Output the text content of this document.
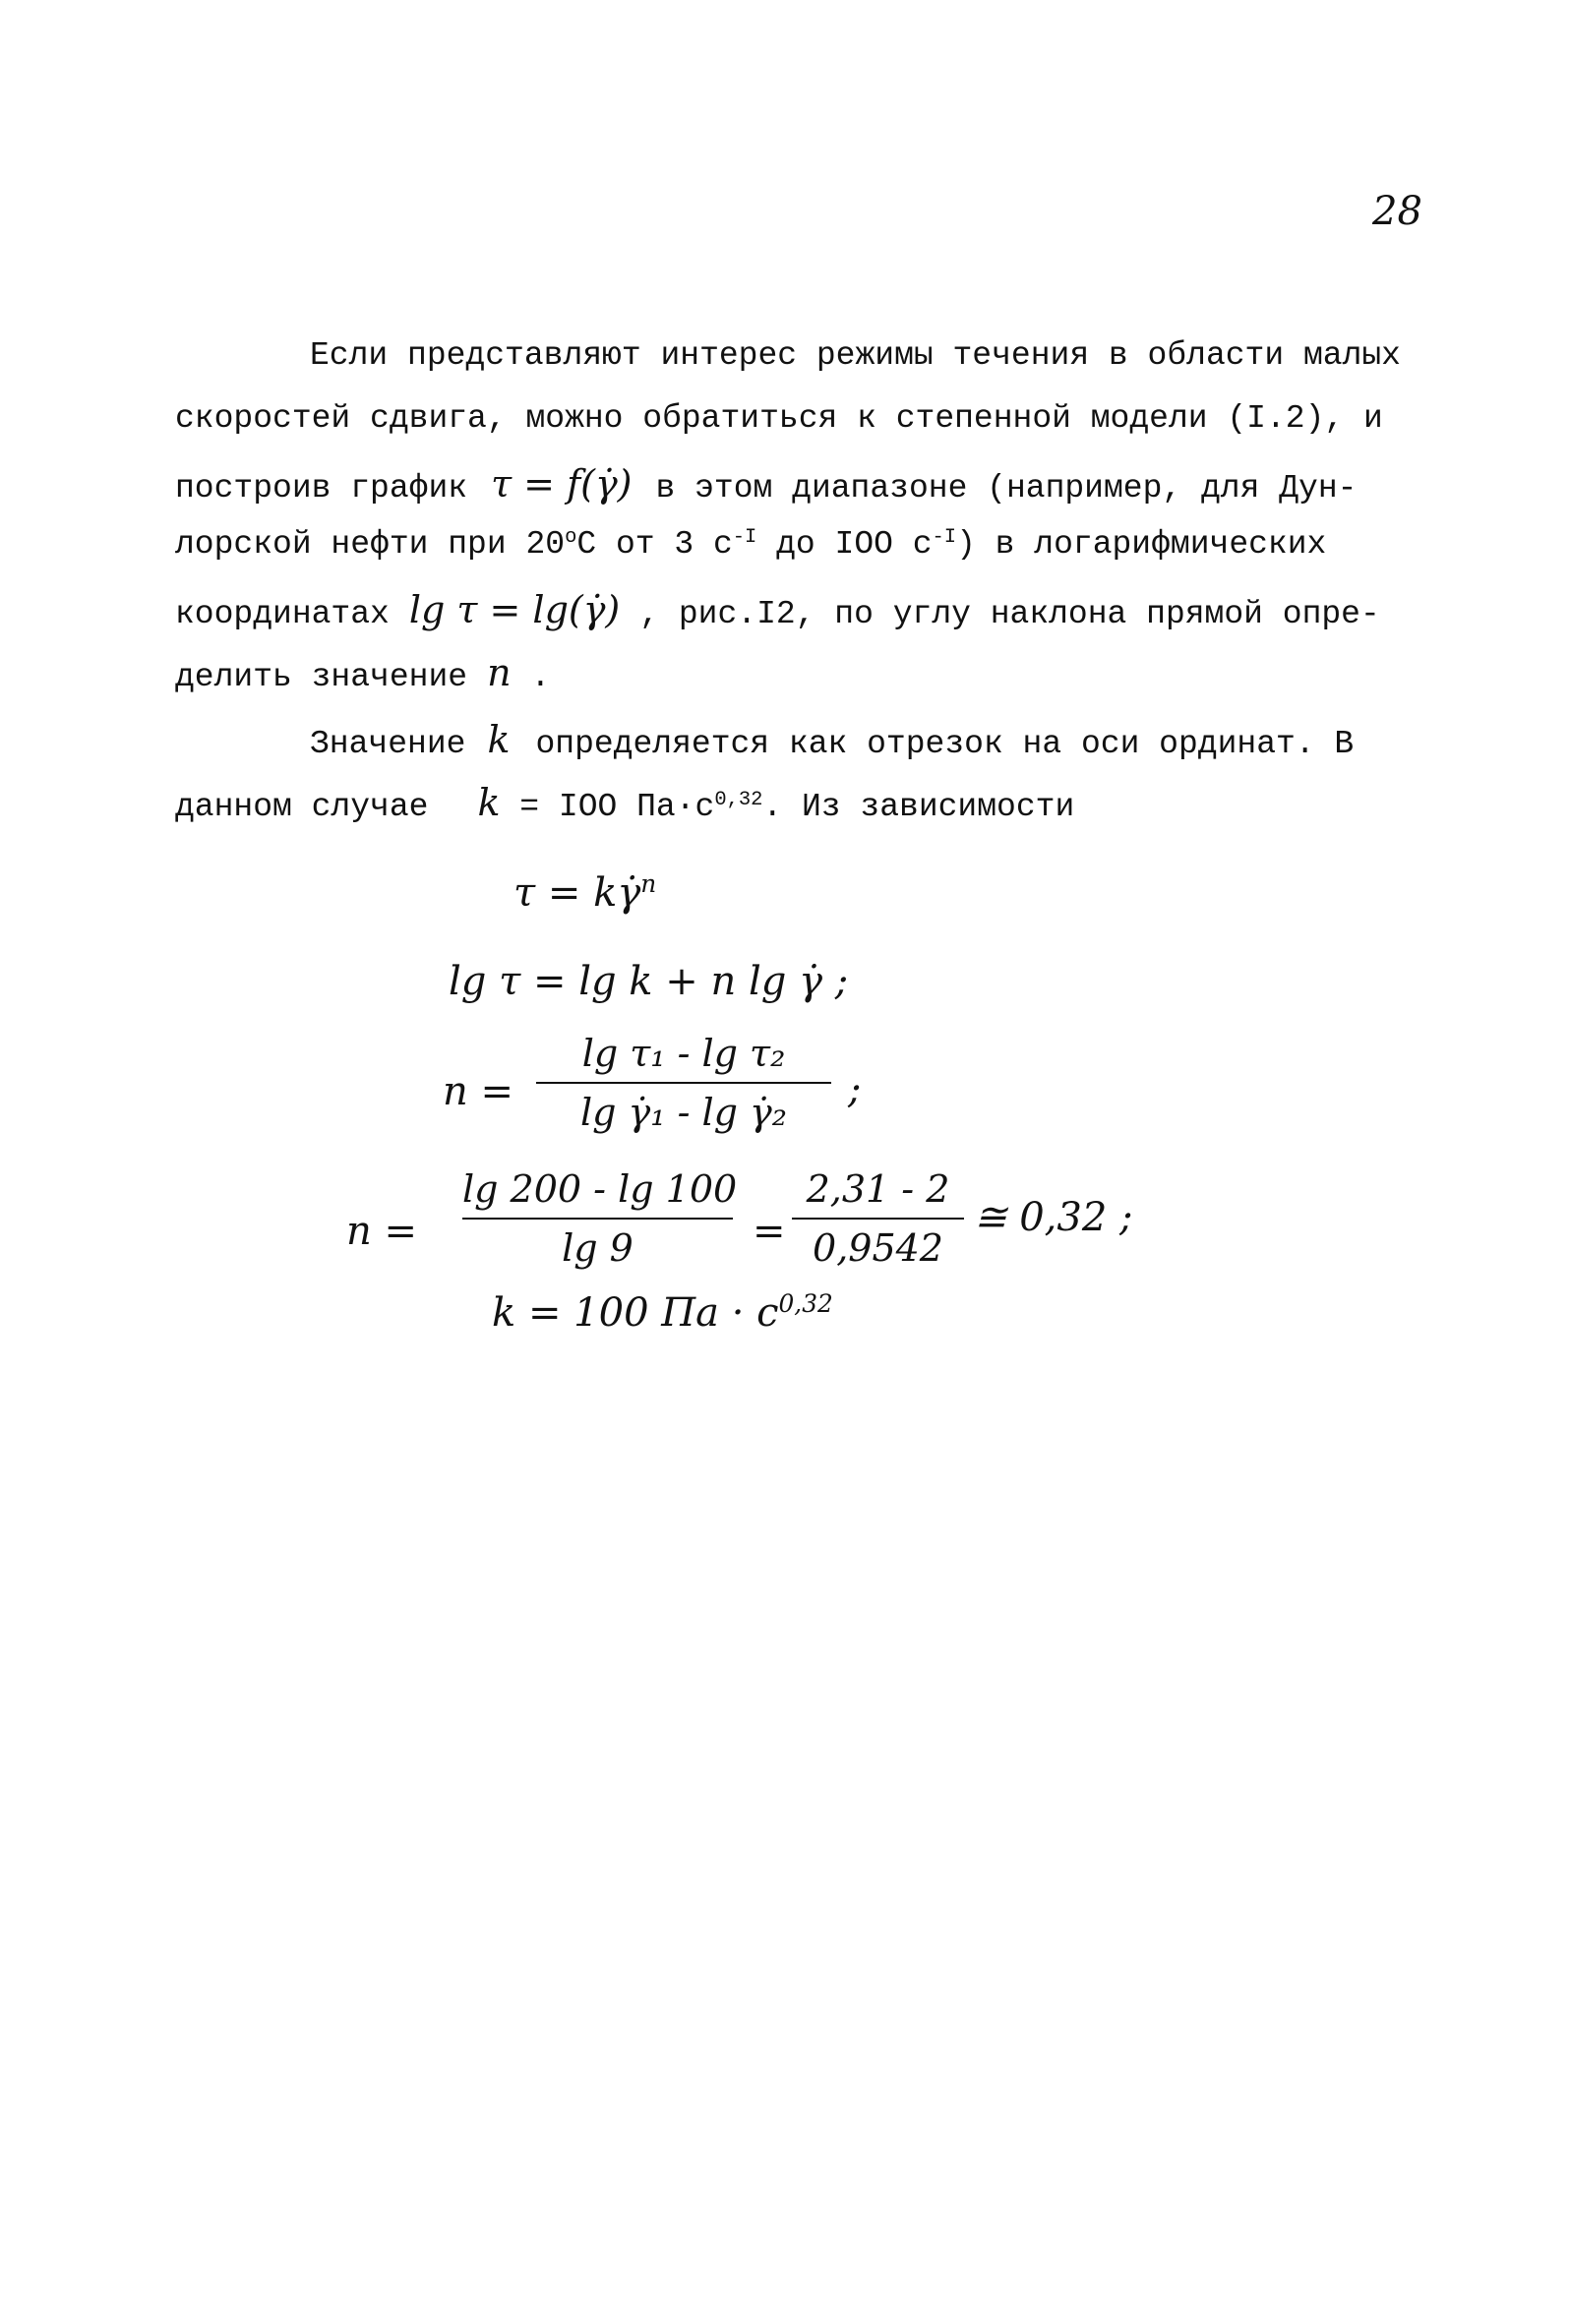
28
Если представляют интерес режимы течения в области малых
скоростей сдвига, можно обратиться к степенной модели (I.2), и
построив график τ = f(γ̇) в этом диапазоне (например, для Дун-
лорской нефти при $20^оС$ от 3 $с^{-I}$ до IOO $с^{-I}$) в логарифмических
координатах lg τ = lg(γ̇) , рис.I2, по углу наклона прямой опре-
делить значение n .
Значение k определяется как отрезок на оси ординат. В
данном случае k = IOO $Па\cdot с^{0,32}$. Из зависимости
τ = kγ̇$^n$
lg τ = lg k + n lg γ̇ ;
n =
lg τ₁ - lg τ₂
lg γ̇₁ - lg γ̇₂	;
n =
lg 200 - lg 100
lg 9	=
2,31 - 2
0,9542
≅ 0,32 ;
k = 100 Па · $с^{0,32}$
